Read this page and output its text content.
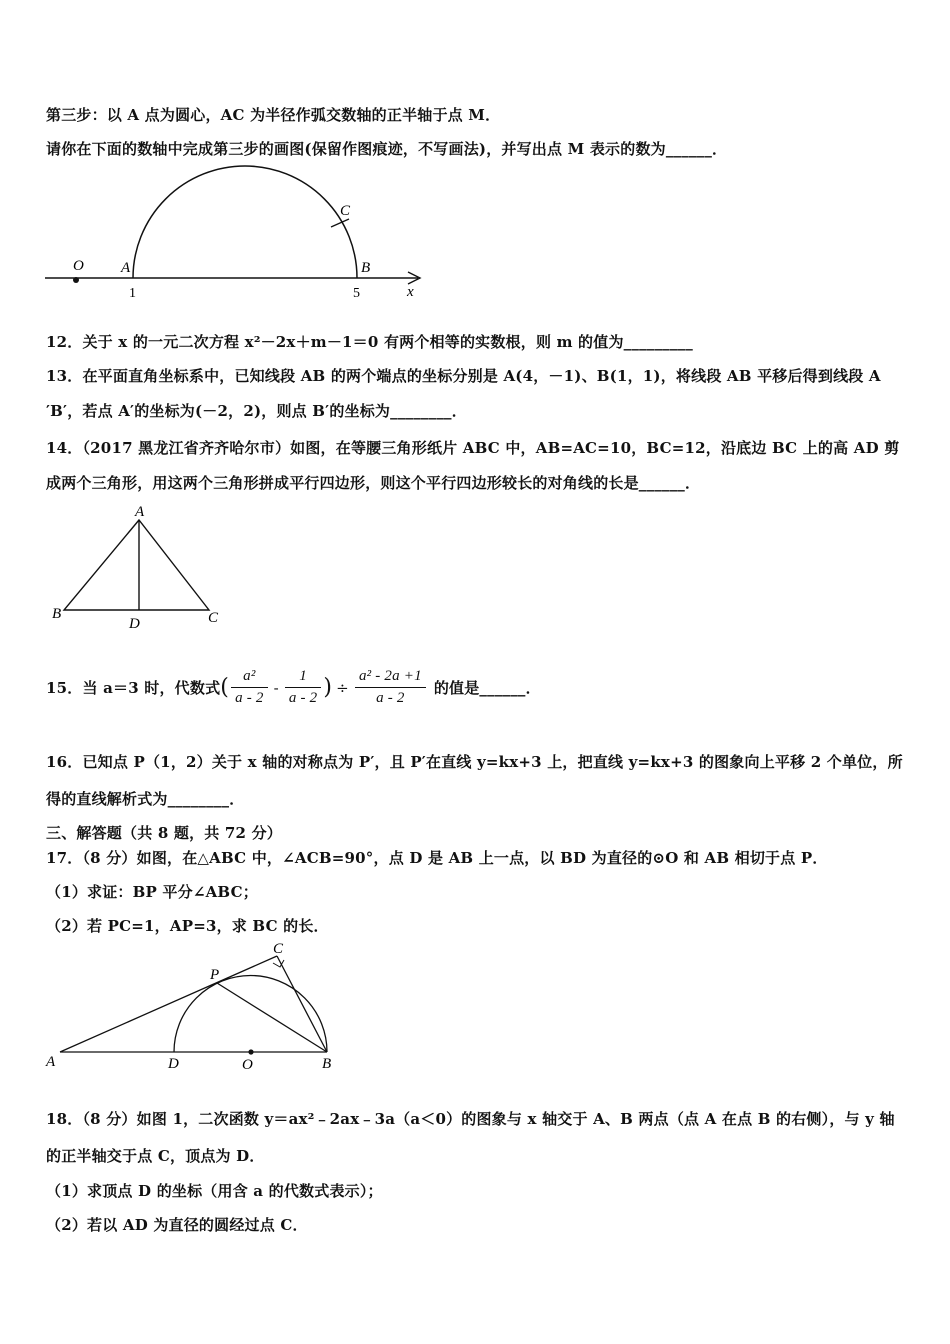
第三步：以 A 点为圆心，AC 为半径作弧交数轴的正半轴于点 M．
请你在下面的数轴中完成第三步的画图(保留作图痕迹，不写画法)，并写出点 M 表示的数为______．
O A
C
B
1	5	x
12．关于 x 的一元二次方程 x²－2x＋m－1＝0 有两个相等的实数根，则 m 的值为_________
13．在平面直角坐标系中，已知线段 AB 的两个端点的坐标分别是 A(4，－1)、B(1，1)，将线段 AB 平移后得到线段 A
′B′，若点 A′的坐标为(－2，2)，则点 B′的坐标为________．
14．（2017 黑龙江省齐齐哈尔市）如图，在等腰三角形纸片 ABC 中，AB=AC=10，BC=12，沿底边 BC 上的高 AD 剪
成两个三角形，用这两个三角形拼成平行四边形，则这个平行四边形较长的对角线的长是______．
A
B	C
D
15．当 a＝3 时，代数式( $\frac{\text{a²}}{a - 2} - \frac{1}{a - 2}$ ) ÷ $\frac{\text{a² - 2a +1}}{a - 2}$ 的值是______．
16．已知点 P（1，2）关于 x 轴的对称点为 P′，且 P′在直线 y=kx+3 上，把直线 y=kx+3 的图象向上平移 2 个单位，所
得的直线解析式为________．
三、解答题（共 8 题，共 72 分）
17．（8 分）如图，在△ABC 中，∠ACB=90°，点 D 是 AB 上一点，以 BD 为直径的⊙O 和 AB 相切于点 P．
（1）求证：BP 平分∠ABC；
（2）若 PC=1，AP=3，求 BC 的长．
A	B
C
D	O
P
18．（8 分）如图 1，二次函数 y＝ax²﹣2ax﹣3a（a＜0）的图象与 x 轴交于 A、B 两点（点 A 在点 B 的右侧），与 y 轴
的正半轴交于点 C，顶点为 D．
（1）求顶点 D 的坐标（用含 a 的代数式表示）；
（2）若以 AD 为直径的圆经过点 C．
